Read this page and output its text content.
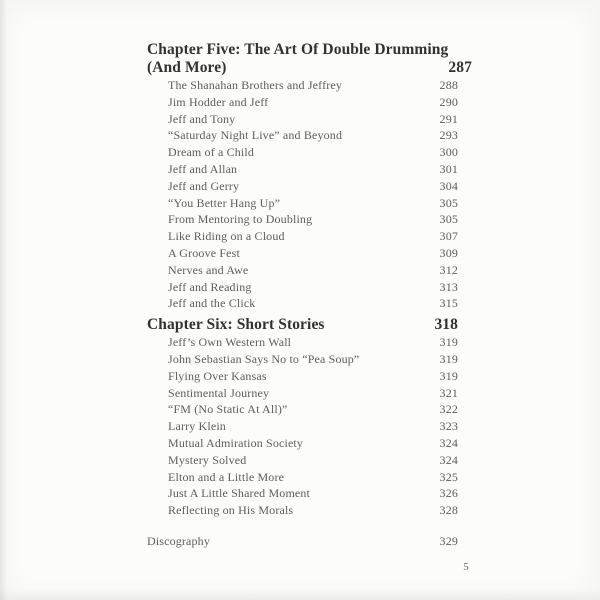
Chapter Five: The Art Of Double Drumming
(And More)	287
The Shanahan Brothers and Jeffrey	288
Jim Hodder and Jeff	290
Jeff and Tony	291
“Saturday Night Live” and Beyond	293
Dream of a Child	300
Jeff and Allan	301
Jeff and Gerry	304
“You Better Hang Up”	305
From Mentoring to Doubling	305
Like Riding on a Cloud	307
A Groove Fest	309
Nerves and Awe	312
Jeff and Reading	313
Jeff and the Click	315
Chapter Six: Short Stories	318
Jeff’s Own Western Wall	319
John Sebastian Says No to “Pea Soup”	319
Flying Over Kansas	319
Sentimental Journey	321
“FM (No Static At All)”	322
Larry Klein	323
Mutual Admiration Society	324
Mystery Solved	324
Elton and a Little More	325
Just A Little Shared Moment	326
Reflecting on His Morals	328
Discography	329
5
